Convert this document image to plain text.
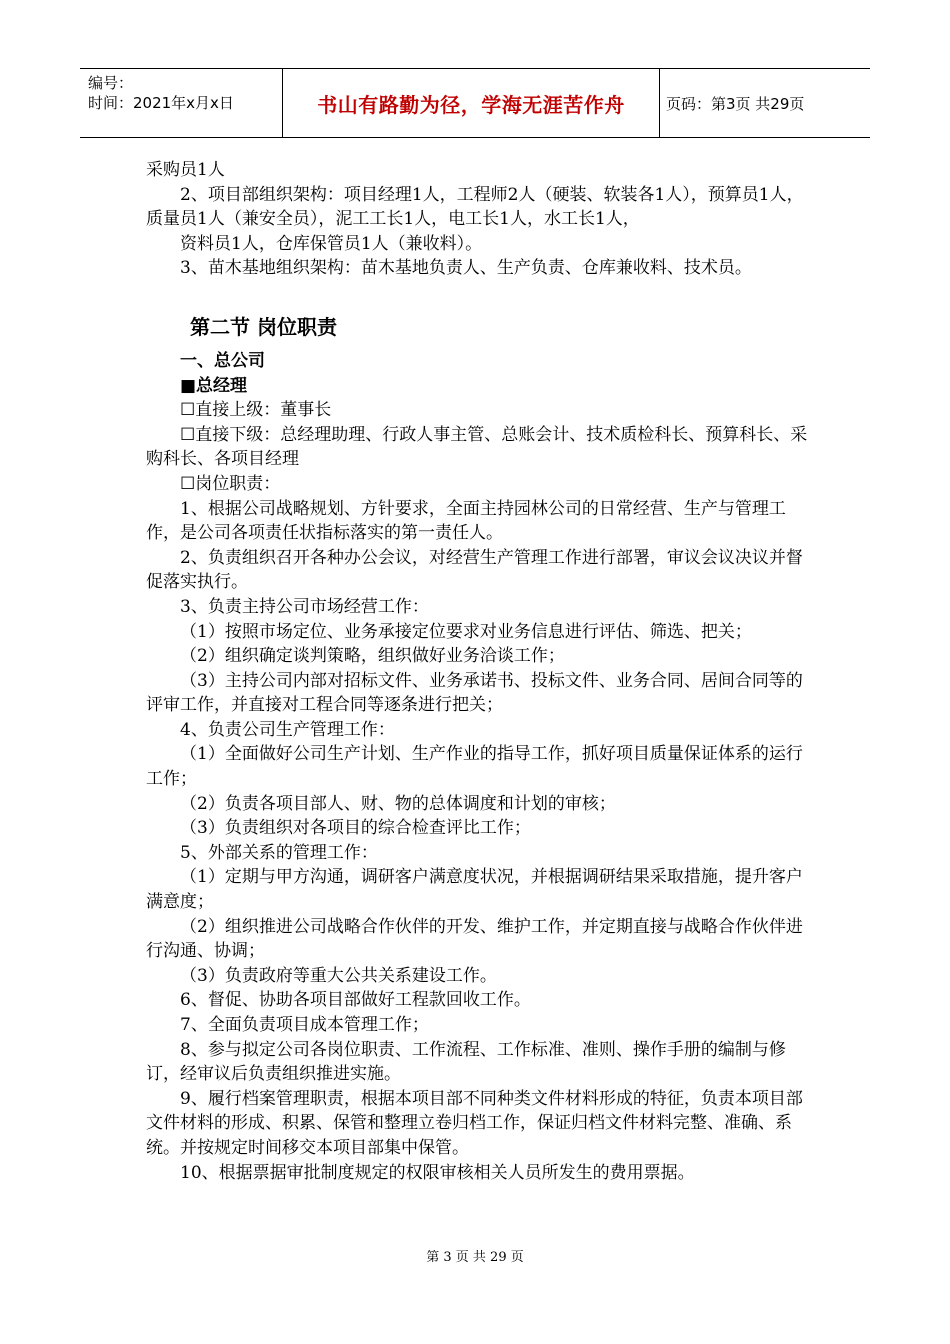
编号：
时间：2021年x月x日	书山有路勤为径，学海无涯苦作舟	页码：第3页 共29页

采购员1人

2、项目部组织架构：项目经理1人，工程师2人（硬装、软装各1人），预算员1人，质量员1人（兼安全员），泥工工长1人，电工长1人，水工长1人，

资料员1人，仓库保管员1人（兼收料）。

3、苗木基地组织架构：苗木基地负责人、生产负责、仓库兼收料、技术员。

第二节 岗位职责

一、总公司

■总经理

☐直接上级：董事长

☐直接下级：总经理助理、行政人事主管、总账会计、技术质检科长、预算科长、采购科长、各项目经理

☐岗位职责：

1、根据公司战略规划、方针要求，全面主持园林公司的日常经营、生产与管理工作，是公司各项责任状指标落实的第一责任人。

2、负责组织召开各种办公会议，对经营生产管理工作进行部署，审议会议决议并督促落实执行。

3、负责主持公司市场经营工作：

（1）按照市场定位、业务承接定位要求对业务信息进行评估、筛选、把关；

（2）组织确定谈判策略，组织做好业务洽谈工作；

（3）主持公司内部对招标文件、业务承诺书、投标文件、业务合同、居间合同等的评审工作，并直接对工程合同等逐条进行把关；

4、负责公司生产管理工作：

（1）全面做好公司生产计划、生产作业的指导工作，抓好项目质量保证体系的运行工作；

（2）负责各项目部人、财、物的总体调度和计划的审核；

（3）负责组织对各项目的综合检查评比工作；

5、外部关系的管理工作：

（1）定期与甲方沟通，调研客户满意度状况，并根据调研结果采取措施，提升客户满意度；

（2）组织推进公司战略合作伙伴的开发、维护工作，并定期直接与战略合作伙伴进行沟通、协调；

（3）负责政府等重大公共关系建设工作。

6、督促、协助各项目部做好工程款回收工作。

7、全面负责项目成本管理工作；

8、参与拟定公司各岗位职责、工作流程、工作标准、准则、操作手册的编制与修订，经审议后负责组织推进实施。

9、履行档案管理职责，根据本项目部不同种类文件材料形成的特征，负责本项目部文件材料的形成、积累、保管和整理立卷归档工作，保证归档文件材料完整、准确、系统。并按规定时间移交本项目部集中保管。

10、根据票据审批制度规定的权限审核相关人员所发生的费用票据。

第 3 页 共 29 页
